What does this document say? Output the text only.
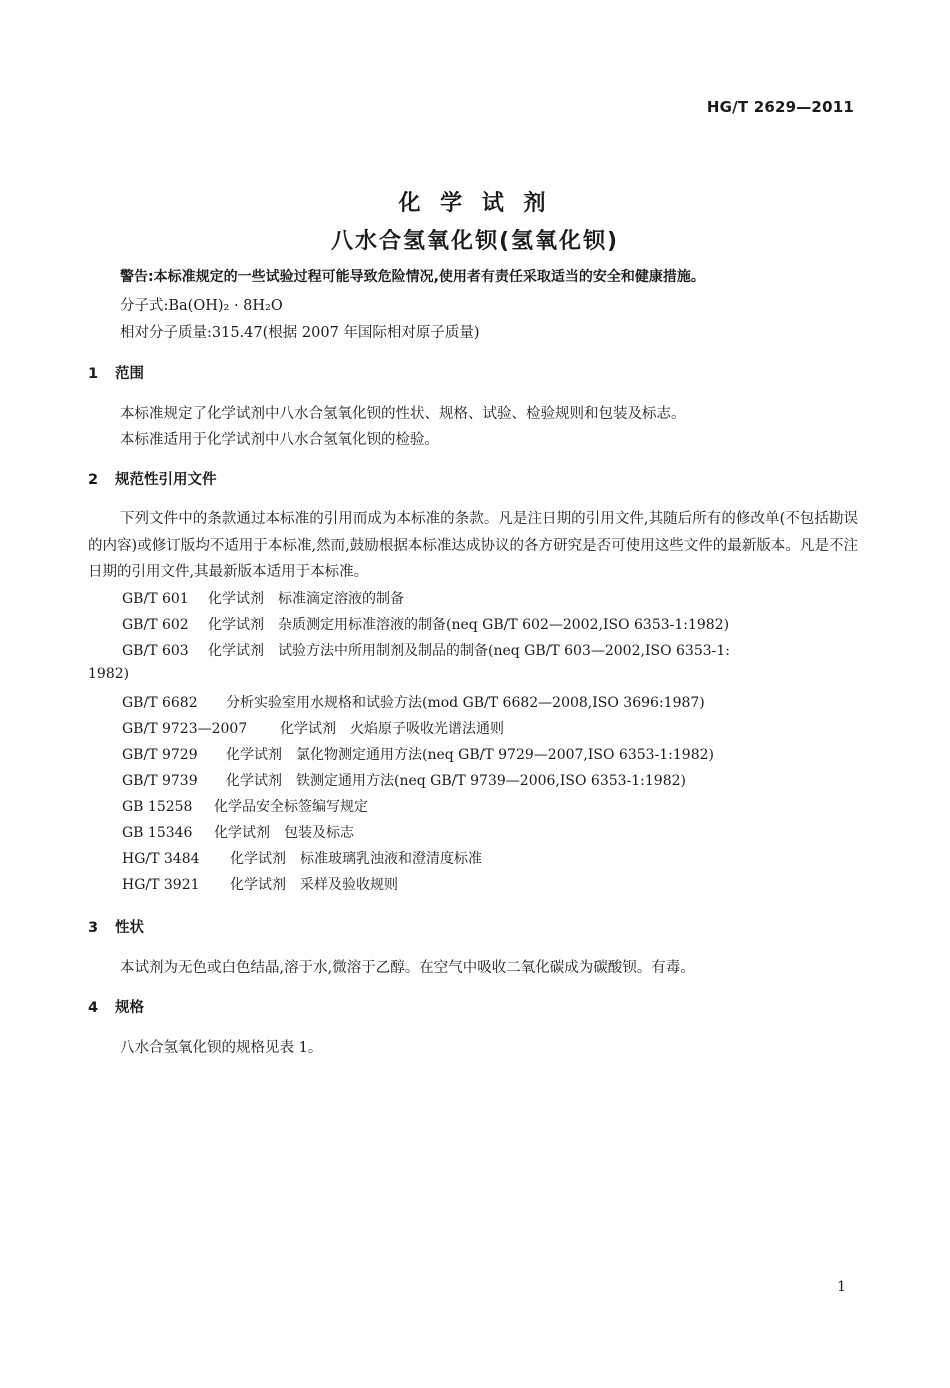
HG/T 2629—2011
化 学 试 剂
八水合氢氧化钡(氢氧化钡)
警告:本标准规定的一些试验过程可能导致危险情况,使用者有责任采取适当的安全和健康措施。
分子式:Ba(OH)₂ · 8H₂O
相对分子质量:315.47(根据 2007 年国际相对原子质量)
1 范围
本标准规定了化学试剂中八水合氢氧化钡的性状、规格、试验、检验规则和包装及标志。
本标准适用于化学试剂中八水合氢氧化钡的检验。
2 规范性引用文件
下列文件中的条款通过本标准的引用而成为本标准的条款。凡是注日期的引用文件,其随后所有的修改单(不包括勘误的内容)或修订版均不适用于本标准,然而,鼓励根据本标准达成协议的各方研究是否可使用这些文件的最新版本。凡是不注日期的引用文件,其最新版本适用于本标准。
GB/T 601 化学试剂　标准滴定溶液的制备
GB/T 602 化学试剂　杂质测定用标准溶液的制备(neq GB/T 602—2002,ISO 6353-1:1982)
GB/T 603 化学试剂　试验方法中所用制剂及制品的制备(neq GB/T 603—2002,ISO 6353-1:
1982)
GB/T 6682 分析实验室用水规格和试验方法(mod GB/T 6682—2008,ISO 3696:1987)
GB/T 9723—2007 化学试剂　火焰原子吸收光谱法通则
GB/T 9729 化学试剂　氯化物测定通用方法(neq GB/T 9729—2007,ISO 6353-1:1982)
GB/T 9739 化学试剂　铁测定通用方法(neq GB/T 9739—2006,ISO 6353-1:1982)
GB 15258 化学品安全标签编写规定
GB 15346 化学试剂　包装及标志
HG/T 3484 化学试剂　标准玻璃乳浊液和澄清度标准
HG/T 3921 化学试剂　采样及验收规则
3 性状
本试剂为无色或白色结晶,溶于水,微溶于乙醇。在空气中吸收二氧化碳成为碳酸钡。有毒。
4 规格
八水合氢氧化钡的规格见表 1。
1
